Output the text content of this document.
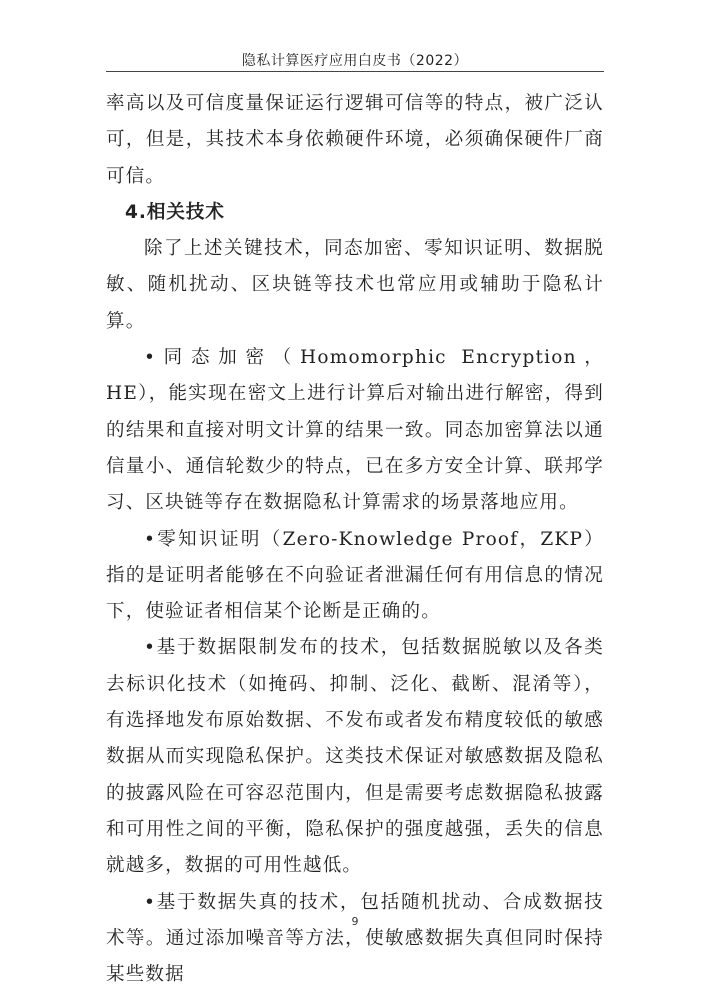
隐私计算医疗应用白皮书（2022）

率高以及可信度量保证运行逻辑可信等的特点，被广泛认可，但是，其技术本身依赖硬件环境，必须确保硬件厂商可信。

4.相关技术

除了上述关键技术，同态加密、零知识证明、数据脱敏、随机扰动、区块链等技术也常应用或辅助于隐私计算。

•同态加密（Homomorphic Encryption，HE），能实现在密文上进行计算后对输出进行解密，得到的结果和直接对明文计算的结果一致。同态加密算法以通信量小、通信轮数少的特点，已在多方安全计算、联邦学习、区块链等存在数据隐私计算需求的场景落地应用。

•零知识证明（Zero-Knowledge Proof，ZKP）指的是证明者能够在不向验证者泄漏任何有用信息的情况下，使验证者相信某个论断是正确的。

•基于数据限制发布的技术，包括数据脱敏以及各类去标识化技术（如掩码、抑制、泛化、截断、混淆等），有选择地发布原始数据、不发布或者发布精度较低的敏感数据从而实现隐私保护。这类技术保证对敏感数据及隐私的披露风险在可容忍范围内，但是需要考虑数据隐私披露和可用性之间的平衡，隐私保护的强度越强，丢失的信息就越多，数据的可用性越低。

•基于数据失真的技术，包括随机扰动、合成数据技术等。通过添加噪音等方法，使敏感数据失真但同时保持某些数据

9
